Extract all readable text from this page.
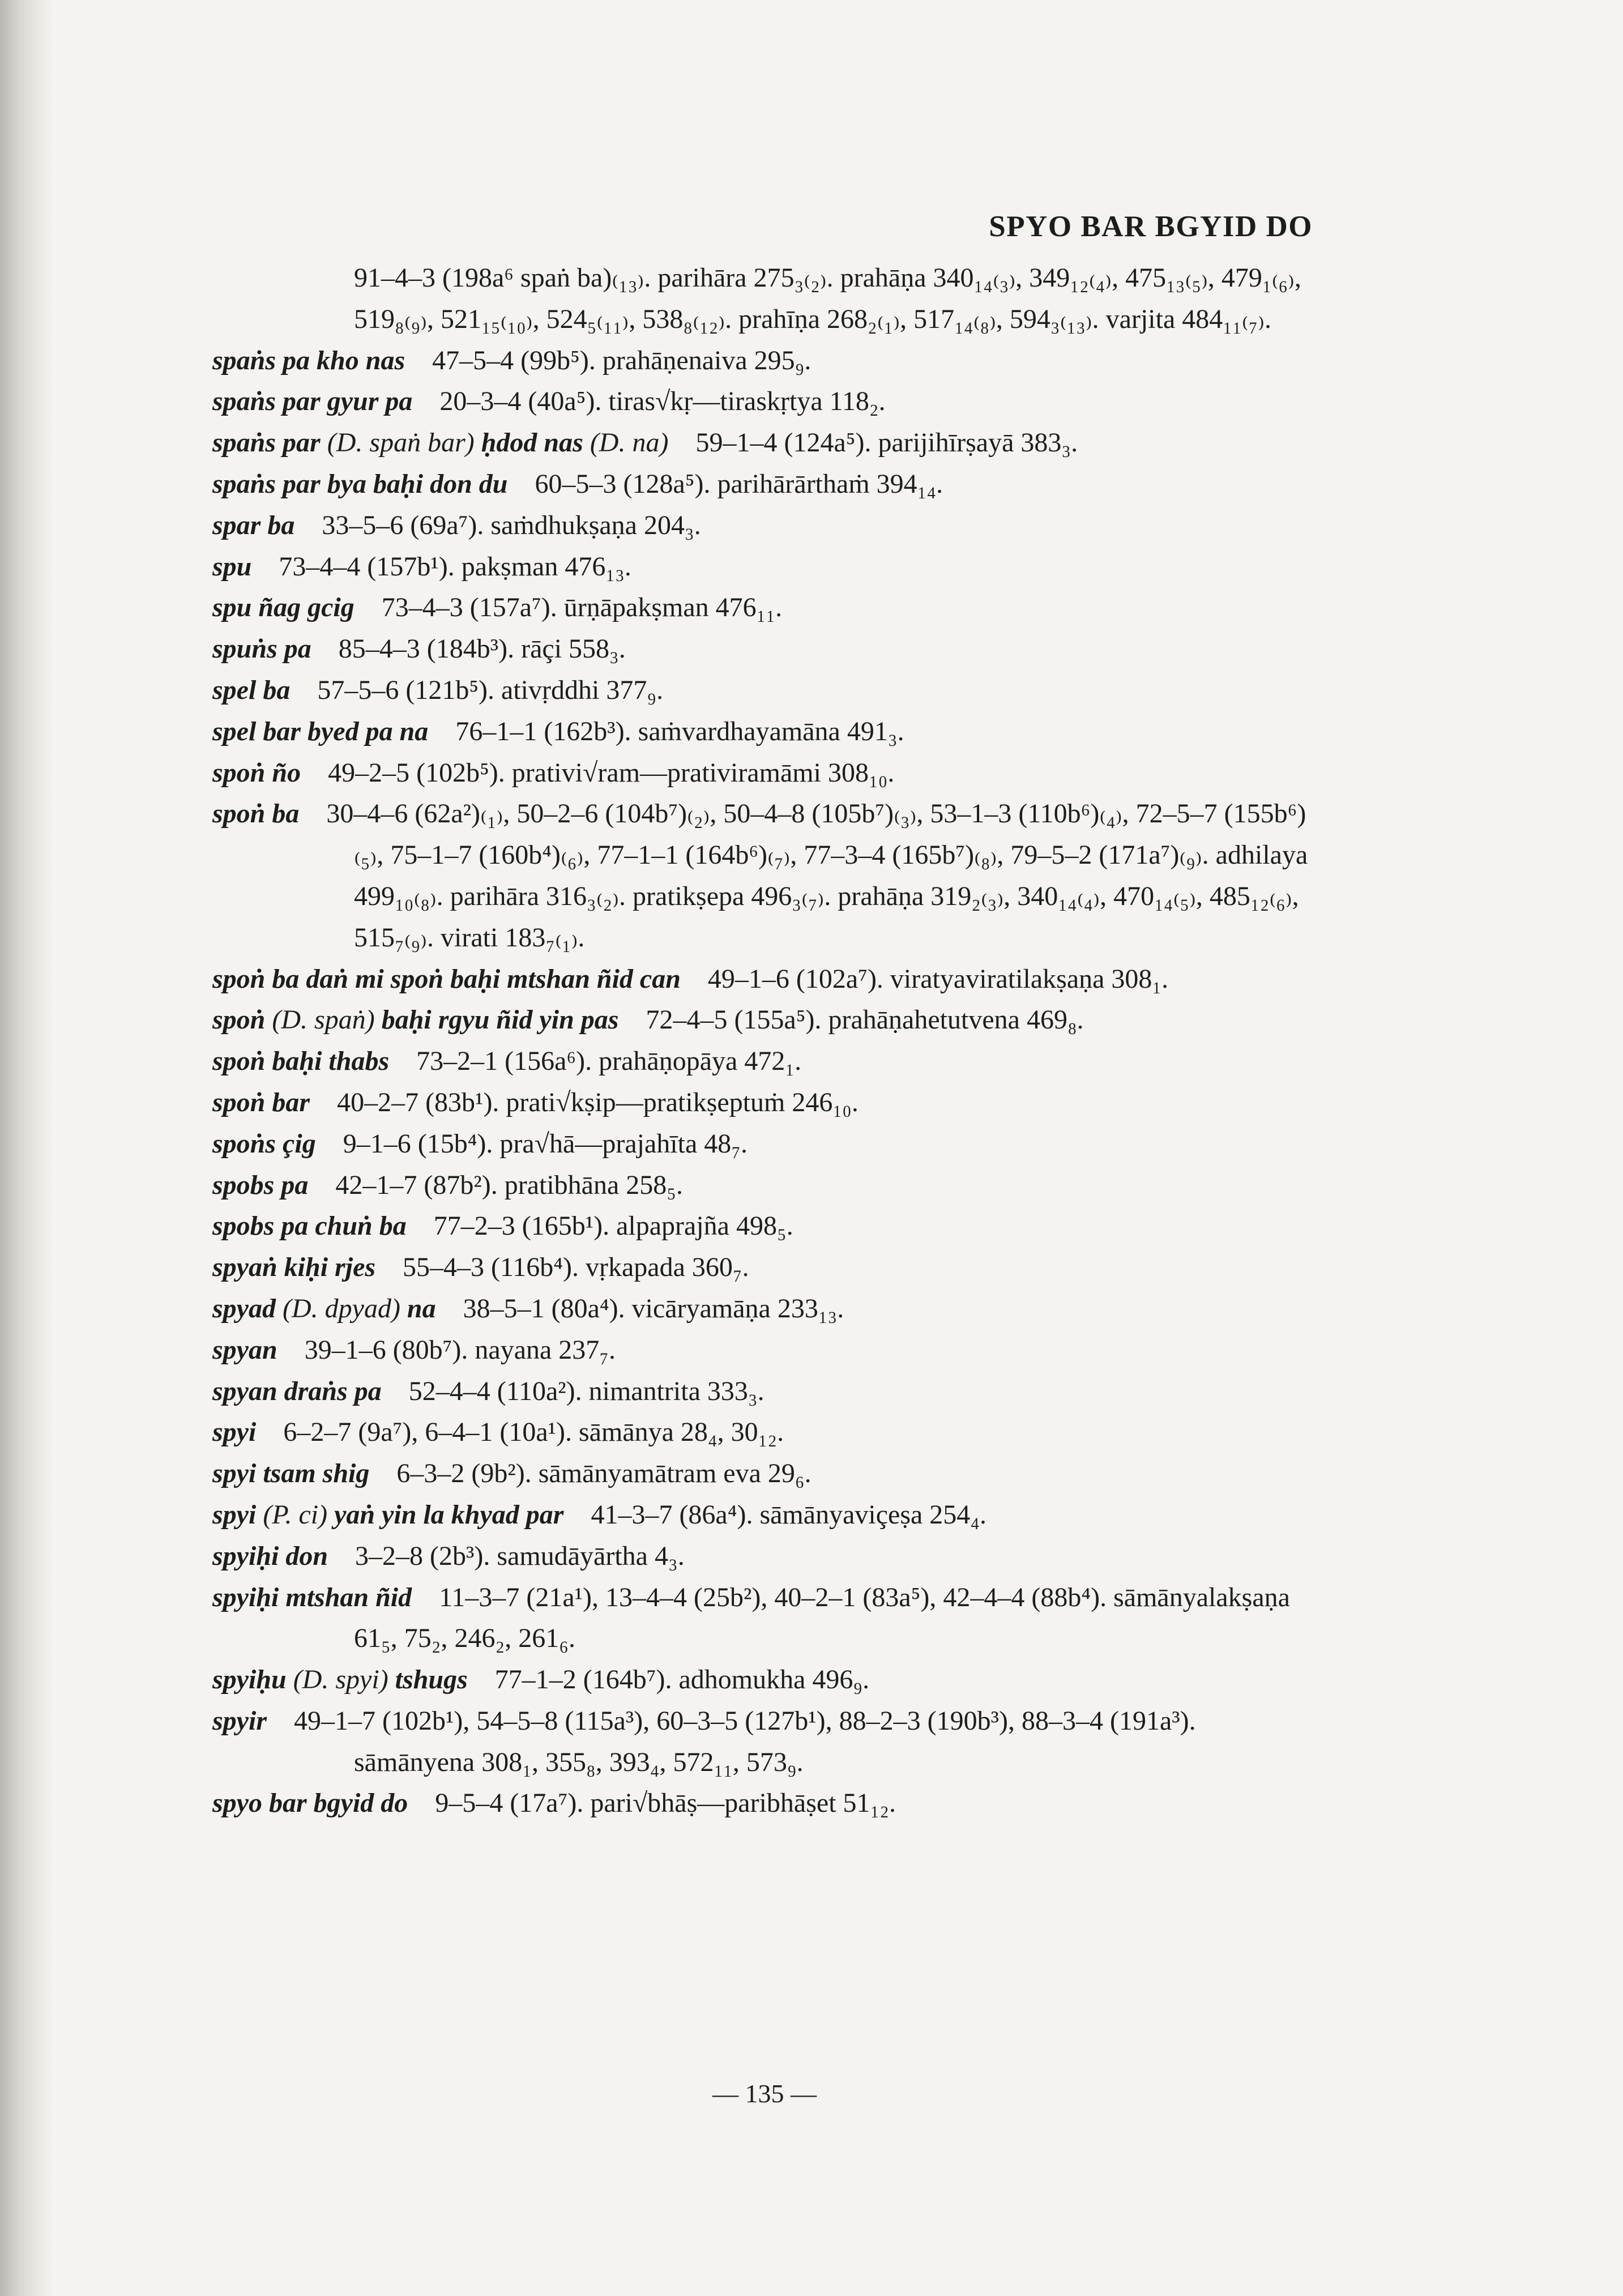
SPYO BAR BGYID DO
91–4–3 (198a⁶ spaṅ ba)₍₁₃₎. parihāra 275₃₍₂₎. prahāṇa 340₁₄₍₃₎, 349₁₂₍₄₎, 475₁₃₍₅₎, 479₁₍₆₎, 519₈₍₉₎, 521₁₅₍₁₀₎, 524₅₍₁₁₎, 538₈₍₁₂₎. prahīṇa 268₂₍₁₎, 517₁₄₍₈₎, 594₃₍₁₃₎. varjita 484₁₁₍₇₎.
spaṅs pa kho nas  47–5–4 (99b⁵). prahāṇenaiva 295₉.
spaṅs par gyur pa  20–3–4 (40a⁵). tiras√kṛ—tiraskṛtya 118₂.
spaṅs par (D. spaṅ bar) ḥdod nas (D. na)  59–1–4 (124a⁵). parijihīrṣayā 383₃.
spaṅs par bya baḥi don du  60–5–3 (128a⁵). parihārārthaṁ 394₁₄.
spar ba  33–5–6 (69a⁷). saṁdhukṣaṇa 204₃.
spu  73–4–4 (157b¹). pakṣman 476₁₃.
spu ñag gcig  73–4–3 (157a⁷). ūrṇāpakṣman 476₁₁.
spuṅs pa  85–4–3 (184b³). rāçi 558₃.
spel ba  57–5–6 (121b⁵). ativṛddhi 377₉.
spel bar byed pa na  76–1–1 (162b³). saṁvardhayamāna 491₃.
spoṅ ño  49–2–5 (102b⁵). prativi√ram—prativiramāmi 308₁₀.
spoṅ ba  30–4–6 (62a²)₍₁₎, 50–2–6 (104b⁷)₍₂₎, 50–4–8 (105b⁷)₍₃₎, 53–1–3 (110b⁶)₍₄₎, 72–5–7 (155b⁶)₍₅₎, 75–1–7 (160b⁴)₍₆₎, 77–1–1 (164b⁶)₍₇₎, 77–3–4 (165b⁷)₍₈₎, 79–5–2 (171a⁷)₍₉₎. adhilaya 499₁₀₍₈₎. parihāra 316₃₍₂₎. pratikṣepa 496₃₍₇₎. prahāṇa 319₂₍₃₎, 340₁₄₍₄₎, 470₁₄₍₅₎, 485₁₂₍₆₎, 515₇₍₉₎. virati 183₇₍₁₎.
spoṅ ba daṅ mi spoṅ baḥi mtshan ñid can  49–1–6 (102a⁷). viratyaviratilakṣaṇa 308₁.
spoṅ (D. spaṅ) baḥi rgyu ñid yin pas  72–4–5 (155a⁵). prahāṇahetutvena 469₈.
spoṅ baḥi thabs  73–2–1 (156a⁶). prahāṇopāya 472₁.
spoṅ bar  40–2–7 (83b¹). prati√kṣip—pratikṣeptuṁ 246₁₀.
spoṅs çig  9–1–6 (15b⁴). pra√hā—prajahīta 48₇.
spobs pa  42–1–7 (87b²). pratibhāna 258₅.
spobs pa chuṅ ba  77–2–3 (165b¹). alpaprajña 498₅.
spyaṅ kiḥi rjes  55–4–3 (116b⁴). vṛkapada 360₇.
spyad (D. dpyad) na  38–5–1 (80a⁴). vicāryamāṇa 233₁₃.
spyan  39–1–6 (80b⁷). nayana 237₇.
spyan draṅs pa  52–4–4 (110a²). nimantrita 333₃.
spyi  6–2–7 (9a⁷), 6–4–1 (10a¹). sāmānya 28₄, 30₁₂.
spyi tsam shig  6–3–2 (9b²). sāmānyamātram eva 29₆.
spyi (P. ci) yaṅ yin la khyad par  41–3–7 (86a⁴). sāmānyaviçeṣa 254₄.
spyiḥi don  3–2–8 (2b³). samudāyārtha 4₃.
spyiḥi mtshan ñid  11–3–7 (21a¹), 13–4–4 (25b²), 40–2–1 (83a⁵), 42–4–4 (88b⁴). sāmānyalakṣaṇa 61₅, 75₂, 246₂, 261₆.
spyiḥu (D. spyi) tshugs  77–1–2 (164b⁷). adhomukha 496₉.
spyir  49–1–7 (102b¹), 54–5–8 (115a³), 60–3–5 (127b¹), 88–2–3 (190b³), 88–3–4 (191a³). sāmānyena 308₁, 355₈, 393₄, 572₁₁, 573₉.
spyo bar bgyid do  9–5–4 (17a⁷). pari√bhāṣ—paribhāṣet 51₁₂.
— 135 —
